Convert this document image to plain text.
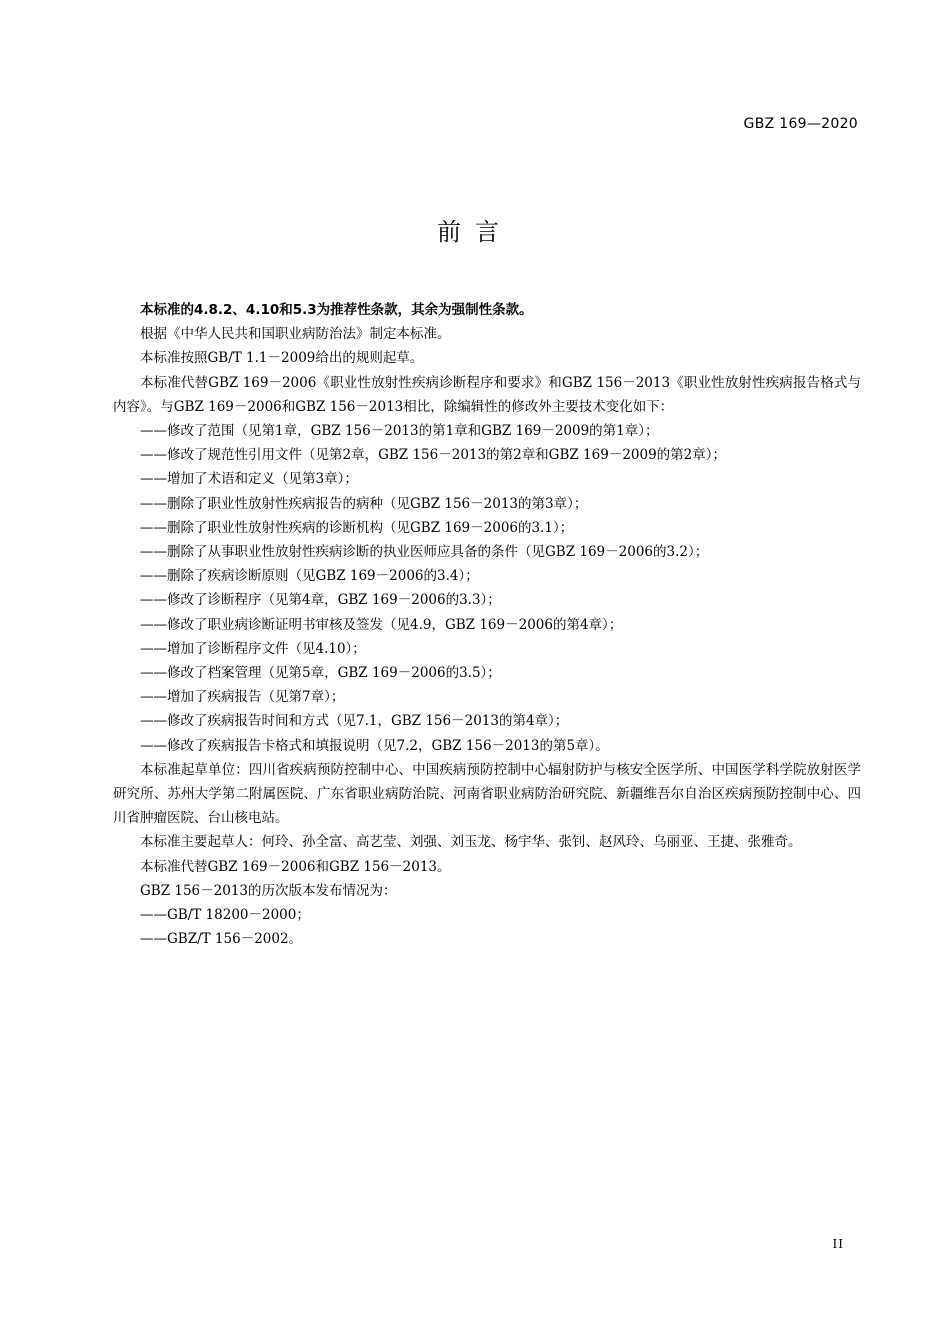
GBZ 169—2020
前言

本标准的4.8.2、4.10和5.3为推荐性条款，其余为强制性条款。

根据《中华人民共和国职业病防治法》制定本标准。

本标准按照GB/T 1.1－2009给出的规则起草。

本标准代替GBZ 169－2006《职业性放射性疾病诊断程序和要求》和GBZ 156－2013《职业性放射性疾病报告格式与内容》。与GBZ 169－2006和GBZ 156－2013相比，除编辑性的修改外主要技术变化如下：

——修改了范围（见第1章，GBZ 156－2013的第1章和GBZ 169－2009的第1章）；
——修改了规范性引用文件（见第2章，GBZ 156－2013的第2章和GBZ 169－2009的第2章）；
——增加了术语和定义（见第3章）；
——删除了职业性放射性疾病报告的病种（见GBZ 156－2013的第3章）；
——删除了职业性放射性疾病的诊断机构（见GBZ 169－2006的3.1）；
——删除了从事职业性放射性疾病诊断的执业医师应具备的条件（见GBZ 169－2006的3.2）；
——删除了疾病诊断原则（见GBZ 169－2006的3.4）；
——修改了诊断程序（见第4章，GBZ 169－2006的3.3）；
——修改了职业病诊断证明书审核及签发（见4.9，GBZ 169－2006的第4章）；
——增加了诊断程序文件（见4.10）；
——修改了档案管理（见第5章，GBZ 169－2006的3.5）；
——增加了疾病报告（见第7章）；
——修改了疾病报告时间和方式（见7.1，GBZ 156－2013的第4章）；
——修改了疾病报告卡格式和填报说明（见7.2，GBZ 156－2013的第5章）。

本标准起草单位：四川省疾病预防控制中心、中国疾病预防控制中心辐射防护与核安全医学所、中国医学科学院放射医学研究所、苏州大学第二附属医院、广东省职业病防治院、河南省职业病防治研究院、新疆维吾尔自治区疾病预防控制中心、四川省肿瘤医院、台山核电站。

本标准主要起草人：何玲、孙全富、高艺莹、刘强、刘玉龙、杨宇华、张钊、赵风玲、乌丽亚、王捷、张雅奇。

本标准代替GBZ 169－2006和GBZ 156－2013。

GBZ 156－2013的历次版本发布情况为：

——GB/T 18200－2000；
——GBZ/T 156－2002。
II
